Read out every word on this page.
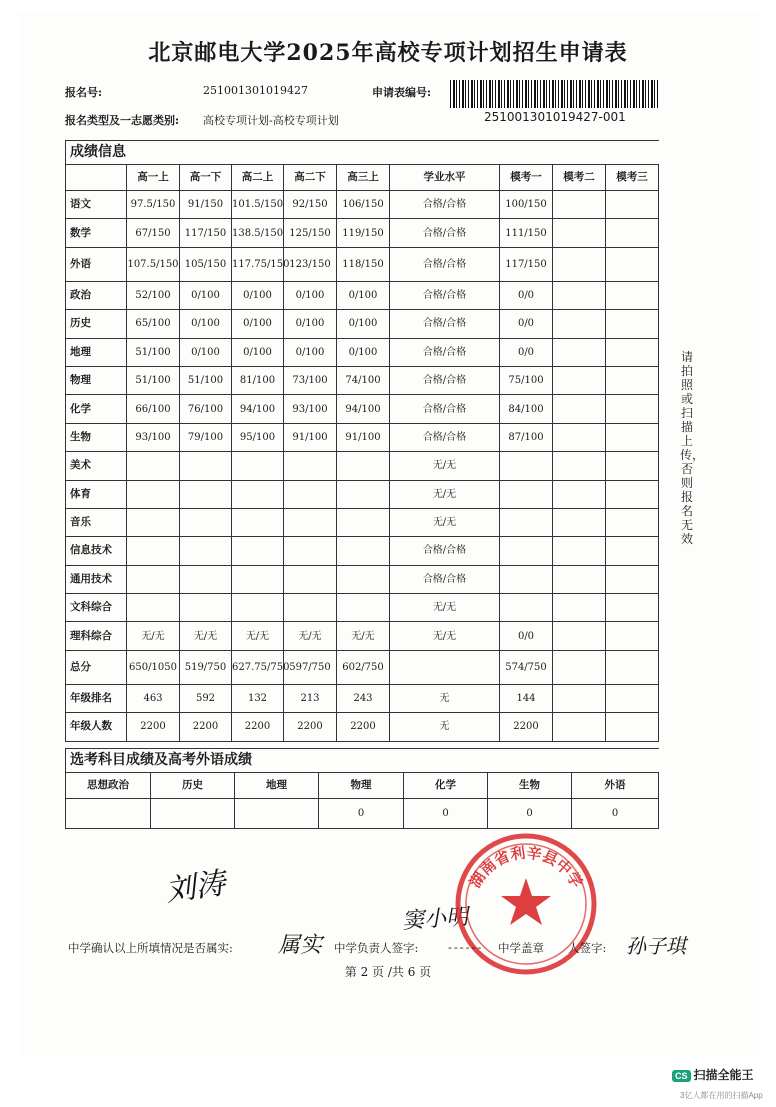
北京邮电大学2025年高校专项计划招生申请表
报名号:	251001301019427	申请表编号:
251001301019427-001
报名类型及一志愿类别: 高校专项计划-高校专项计划
成绩信息									
	高一上	高一下	高二上	高二下	高三上	学业水平	模考一	模考二	模考三
语文	97.5/150	91/150	101.5/150	92/150	106/150	合格/合格	100/150		
数学	67/150	117/150	138.5/150	125/150	119/150	合格/合格	111/150		
外语	107.5/150	105/150	117.75/150	123/150	118/150	合格/合格	117/150		
政治	52/100	0/100	0/100	0/100	0/100	合格/合格	0/0		
历史	65/100	0/100	0/100	0/100	0/100	合格/合格	0/0		
地理	51/100	0/100	0/100	0/100	0/100	合格/合格	0/0		
物理	51/100	51/100	81/100	73/100	74/100	合格/合格	75/100		
化学	66/100	76/100	94/100	93/100	94/100	合格/合格	84/100		
生物	93/100	79/100	95/100	91/100	91/100	合格/合格	87/100		
美术						无/无			
体育						无/无			
音乐						无/无			
信息技术						合格/合格			
通用技术						合格/合格			
文科综合						无/无			
理科综合	无/无	无/无	无/无	无/无	无/无	无/无	0/0		
总分	650/1050	519/750	627.75/750	597/750	602/750		574/750		
年级排名	463	592	132	213	243	无	144		
年级人数	2200	2200	2200	2200	2200	无	2200		
选考科目成绩及高考外语成绩						
思想政治	历史	地理	物理	化学	生物	外语
			0	0	0	0
请拍照或扫描上传，否则报名无效
刘涛
窦小明
湖南省利辛县中学
中学确认以上所填情况是否属实: 属实 中学负责人签字:	------ 中学盖章 人签字: 孙子琪
第 2 页 /共 6 页
CS 扫描全能王
3亿人都在用的扫描App
